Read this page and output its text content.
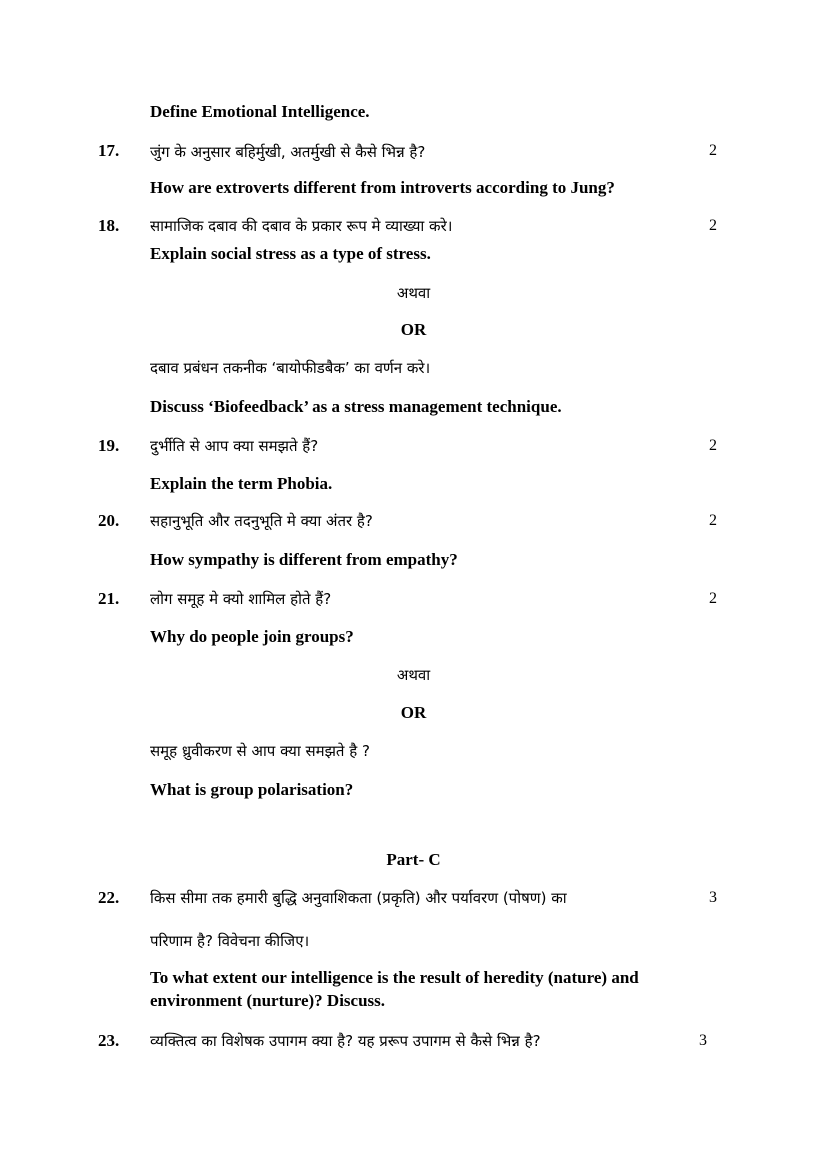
Define Emotional Intelligence.
17. जुंग के अनुसार बहिर्मुखी, अतर्मुखी से कैसे भिन्न है?	2
How are extroverts different from introverts according to Jung?
18. सामाजिक दबाव की दबाव के प्रकार रूप मे व्याख्या करे।	2
Explain social stress as a type of stress.
अथवा
OR
दबाव प्रबंधन तकनीक ‘बायोफीडबैक’ का वर्णन करे।
Discuss ‘Biofeedback’ as a stress management technique.
19. दुर्भीति से आप क्या समझते हैं?	2
Explain the term Phobia.
20. सहानुभूति और तदनुभूति मे क्या अंतर है?	2
How sympathy is different from empathy?
21. लोग समूह मे क्यो शामिल होते हैं?	2
Why do people join groups?
अथवा
OR
समूह ध्रुवीकरण से आप क्या समझते है ?
What is group polarisation?
Part- C
22. किस सीमा तक हमारी बुद्धि अनुवाशिकता (प्रकृति) और पर्यावरण (पोषण) का	3
परिणाम है? विवेचना कीजिए।
To what extent our intelligence is the result of heredity (nature) and
environment (nurture)? Discuss.
23. व्यक्तित्व का विशेषक उपागम क्या है? यह प्ररूप उपागम से कैसे भिन्न है?	3
